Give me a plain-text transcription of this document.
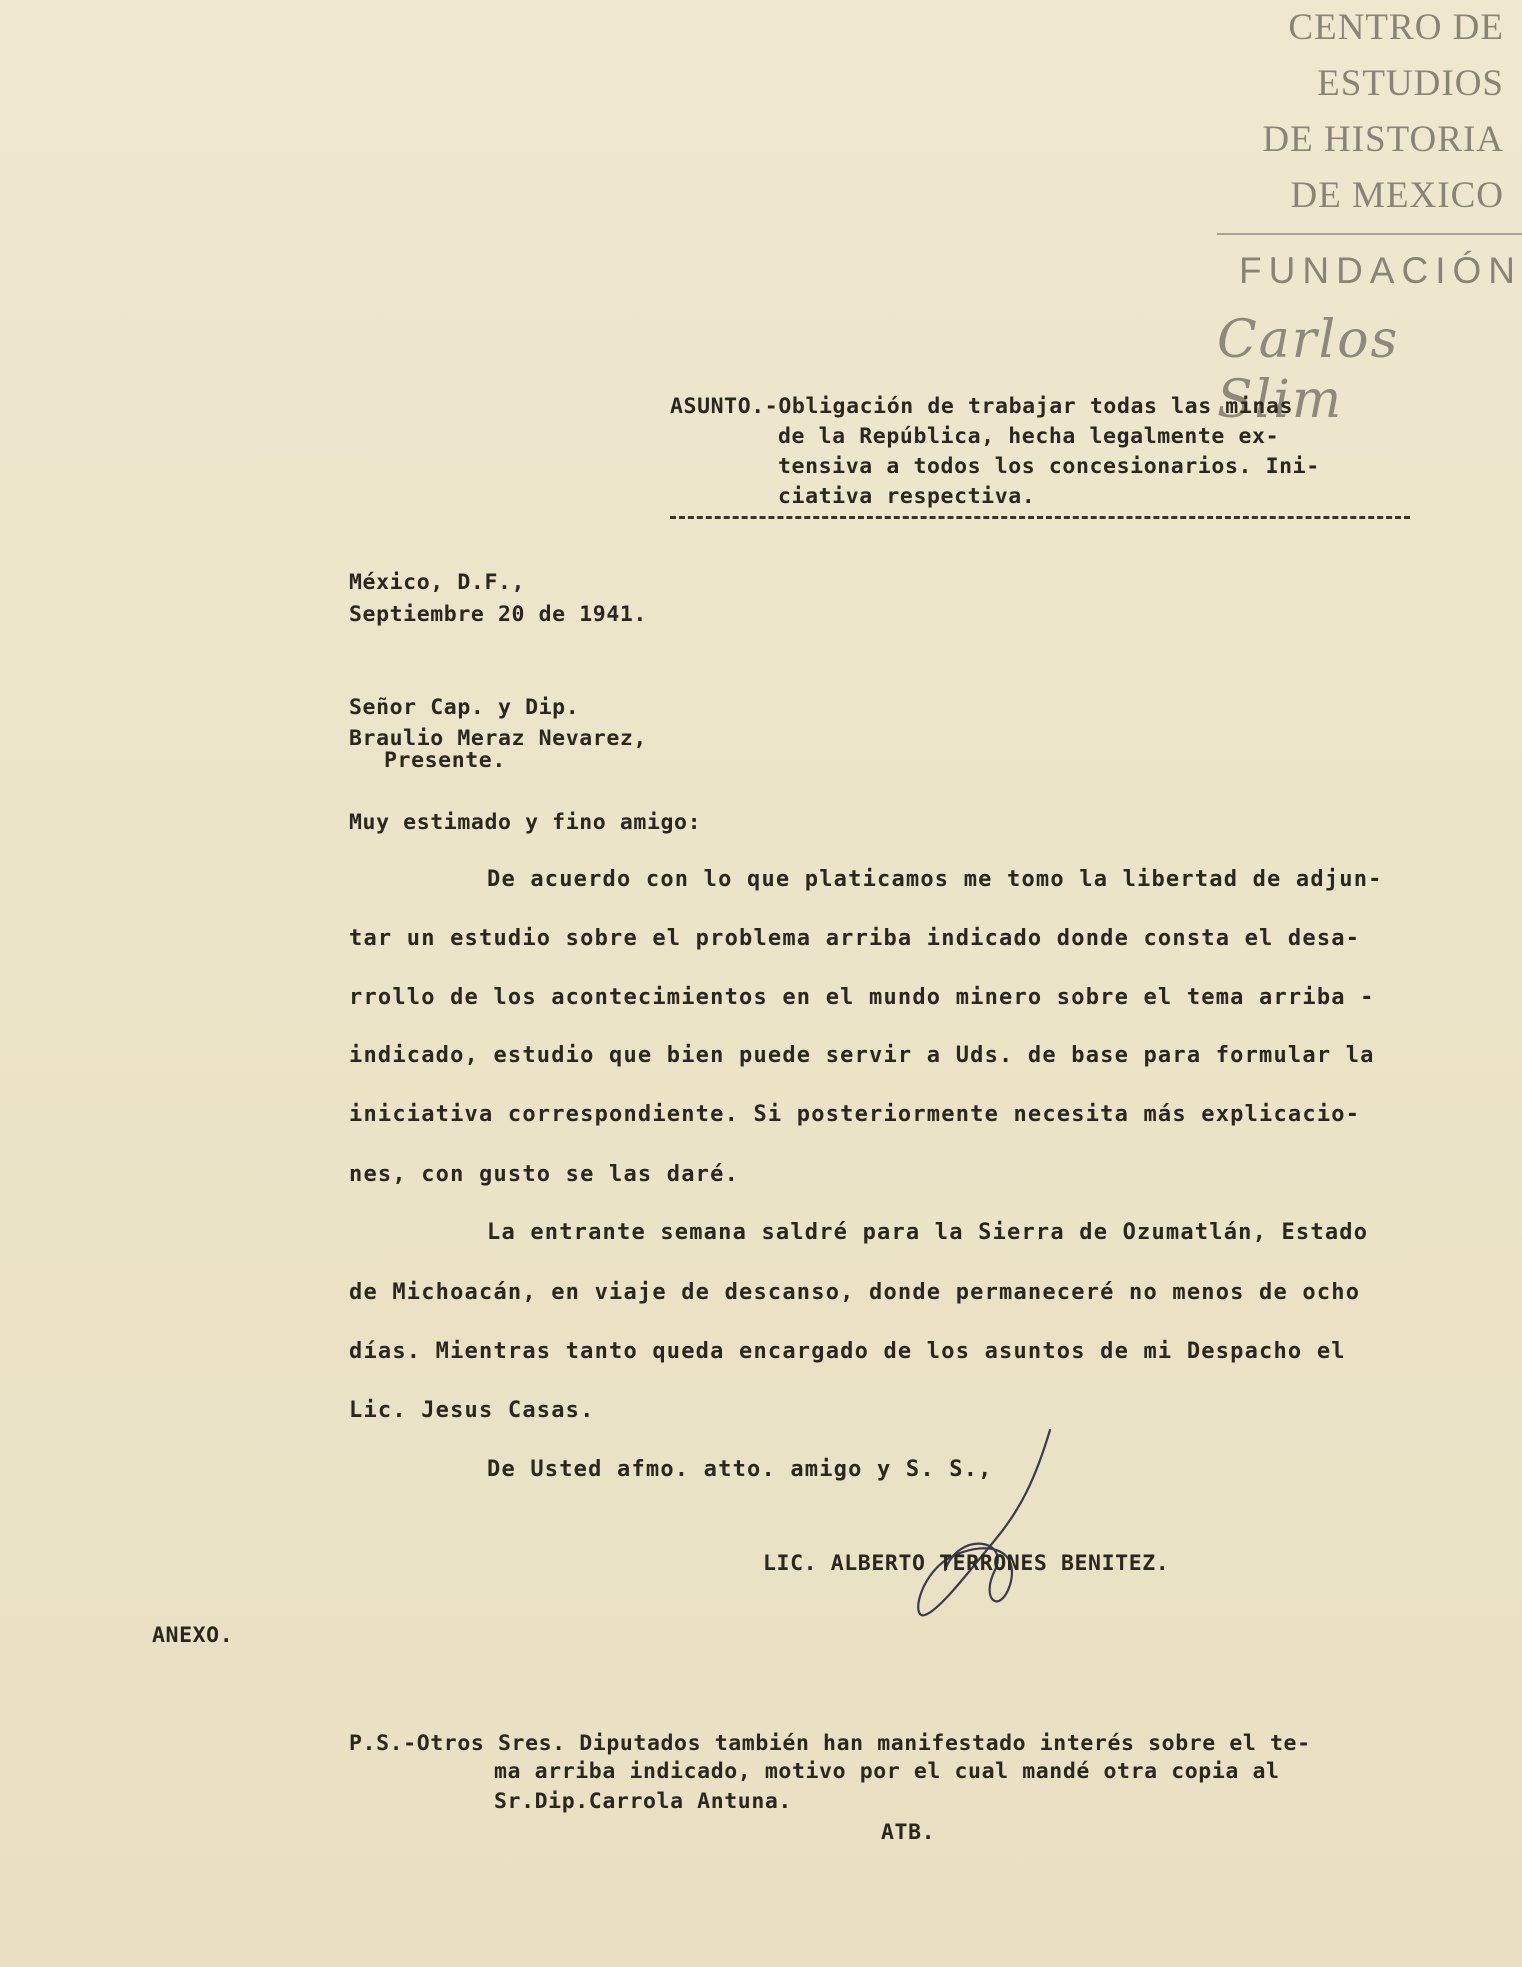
CENTRO DE
ESTUDIOS
DE HISTORIA
DE MEXICO
FUNDACIÓN
Carlos Slim
ASUNTO.-Obligación de trabajar todas las minas
de la República, hecha legalmente ex-
tensiva a todos los concesionarios. Ini-
ciativa respectiva.
México, D.F.,
Septiembre 20 de 1941.
Señor Cap. y Dip.
Braulio Meraz Nevarez,
Presente.
Muy estimado y fino amigo:
De acuerdo con lo que platicamos me tomo la libertad de adjun-
tar un estudio sobre el problema arriba indicado donde consta el desa-
rrollo de los acontecimientos en el mundo minero sobre el tema arriba -
indicado, estudio que bien puede servir a Uds. de base para formular la
iniciativa correspondiente. Si posteriormente necesita más explicacio-
nes, con gusto se las daré.
La entrante semana saldré para la Sierra de Ozumatlán, Estado
de Michoacán, en viaje de descanso, donde permaneceré no menos de ocho
días. Mientras tanto queda encargado de los asuntos de mi Despacho el
Lic. Jesus Casas.
De Usted afmo. atto. amigo y S. S.,
LIC. ALBERTO TERRONES BENITEZ.
ANEXO.
P.S.-Otros Sres. Diputados también han manifestado interés sobre el te-
ma arriba indicado, motivo por el cual mandé otra copia al
Sr.Dip.Carrola Antuna.
ATB.
